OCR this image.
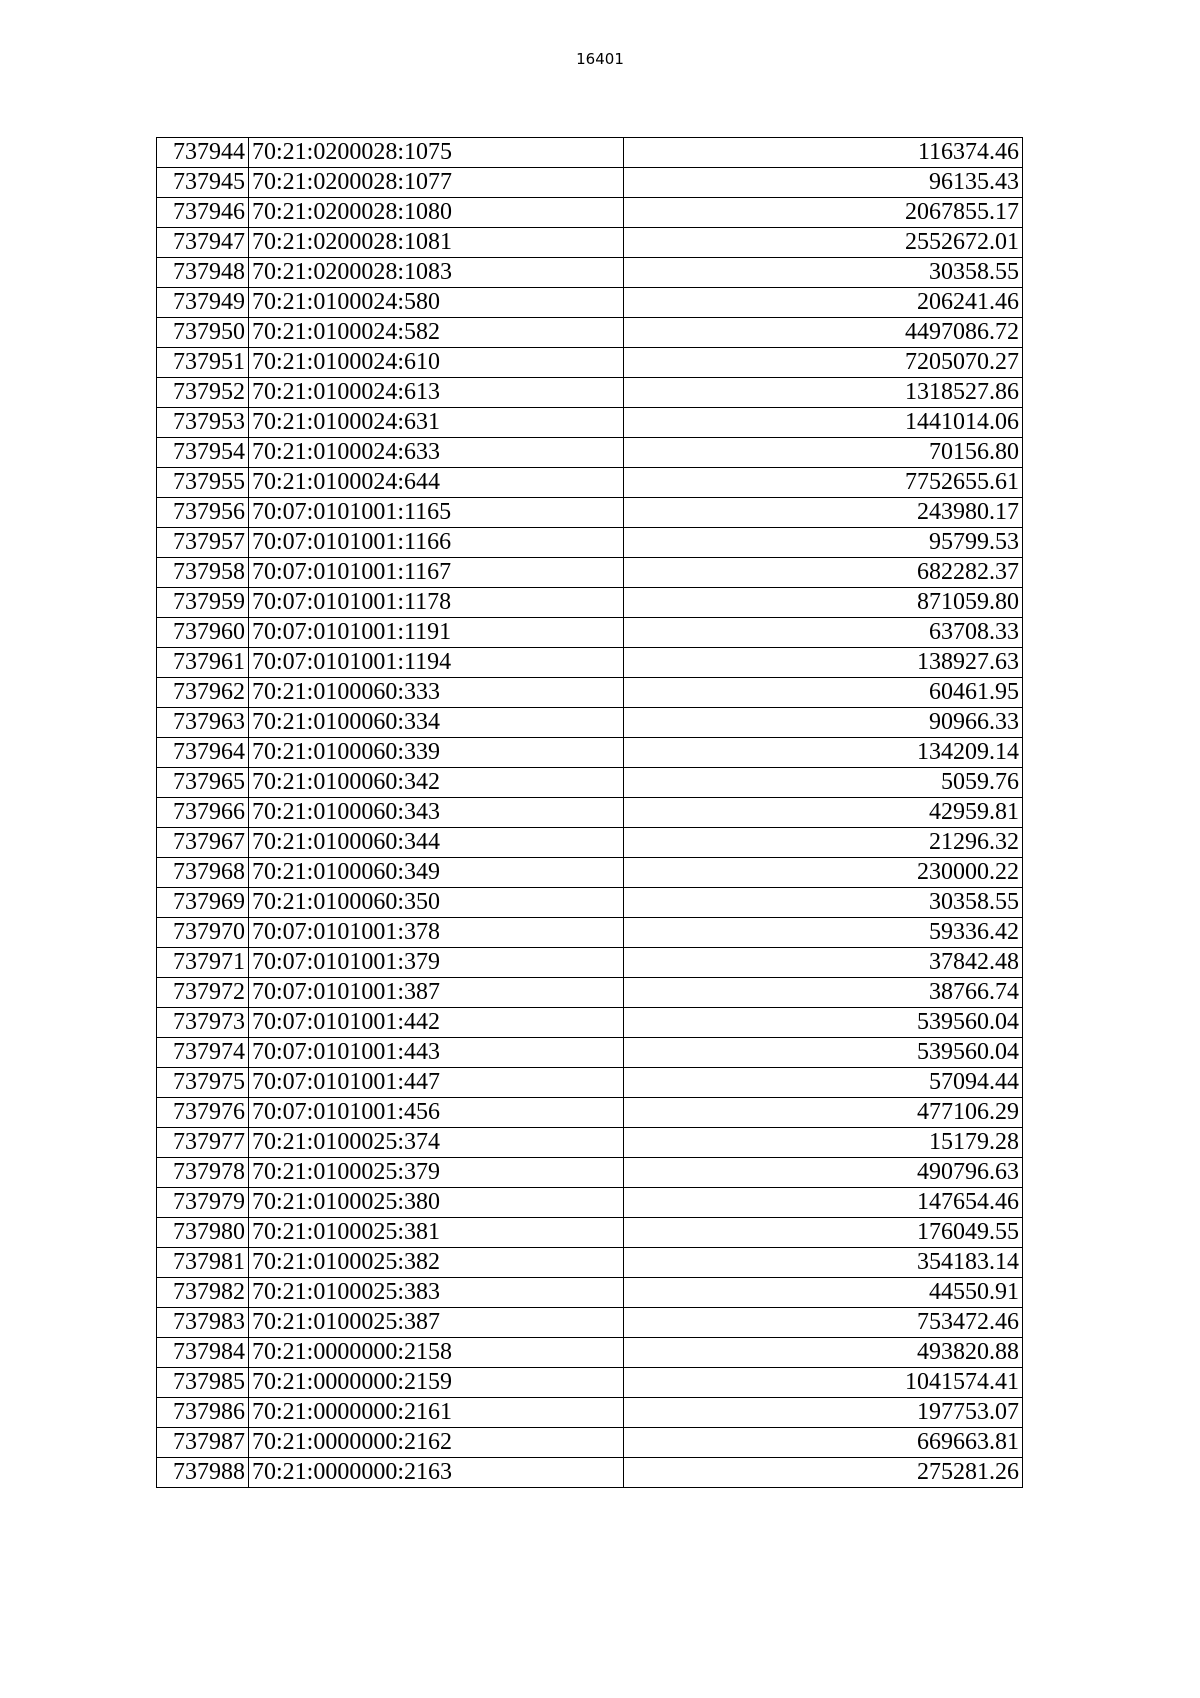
16401
737944	70:21:0200028:1075	116374.46
737945	70:21:0200028:1077	96135.43
737946	70:21:0200028:1080	2067855.17
737947	70:21:0200028:1081	2552672.01
737948	70:21:0200028:1083	30358.55
737949	70:21:0100024:580	206241.46
737950	70:21:0100024:582	4497086.72
737951	70:21:0100024:610	7205070.27
737952	70:21:0100024:613	1318527.86
737953	70:21:0100024:631	1441014.06
737954	70:21:0100024:633	70156.80
737955	70:21:0100024:644	7752655.61
737956	70:07:0101001:1165	243980.17
737957	70:07:0101001:1166	95799.53
737958	70:07:0101001:1167	682282.37
737959	70:07:0101001:1178	871059.80
737960	70:07:0101001:1191	63708.33
737961	70:07:0101001:1194	138927.63
737962	70:21:0100060:333	60461.95
737963	70:21:0100060:334	90966.33
737964	70:21:0100060:339	134209.14
737965	70:21:0100060:342	5059.76
737966	70:21:0100060:343	42959.81
737967	70:21:0100060:344	21296.32
737968	70:21:0100060:349	230000.22
737969	70:21:0100060:350	30358.55
737970	70:07:0101001:378	59336.42
737971	70:07:0101001:379	37842.48
737972	70:07:0101001:387	38766.74
737973	70:07:0101001:442	539560.04
737974	70:07:0101001:443	539560.04
737975	70:07:0101001:447	57094.44
737976	70:07:0101001:456	477106.29
737977	70:21:0100025:374	15179.28
737978	70:21:0100025:379	490796.63
737979	70:21:0100025:380	147654.46
737980	70:21:0100025:381	176049.55
737981	70:21:0100025:382	354183.14
737982	70:21:0100025:383	44550.91
737983	70:21:0100025:387	753472.46
737984	70:21:0000000:2158	493820.88
737985	70:21:0000000:2159	1041574.41
737986	70:21:0000000:2161	197753.07
737987	70:21:0000000:2162	669663.81
737988	70:21:0000000:2163	275281.26
